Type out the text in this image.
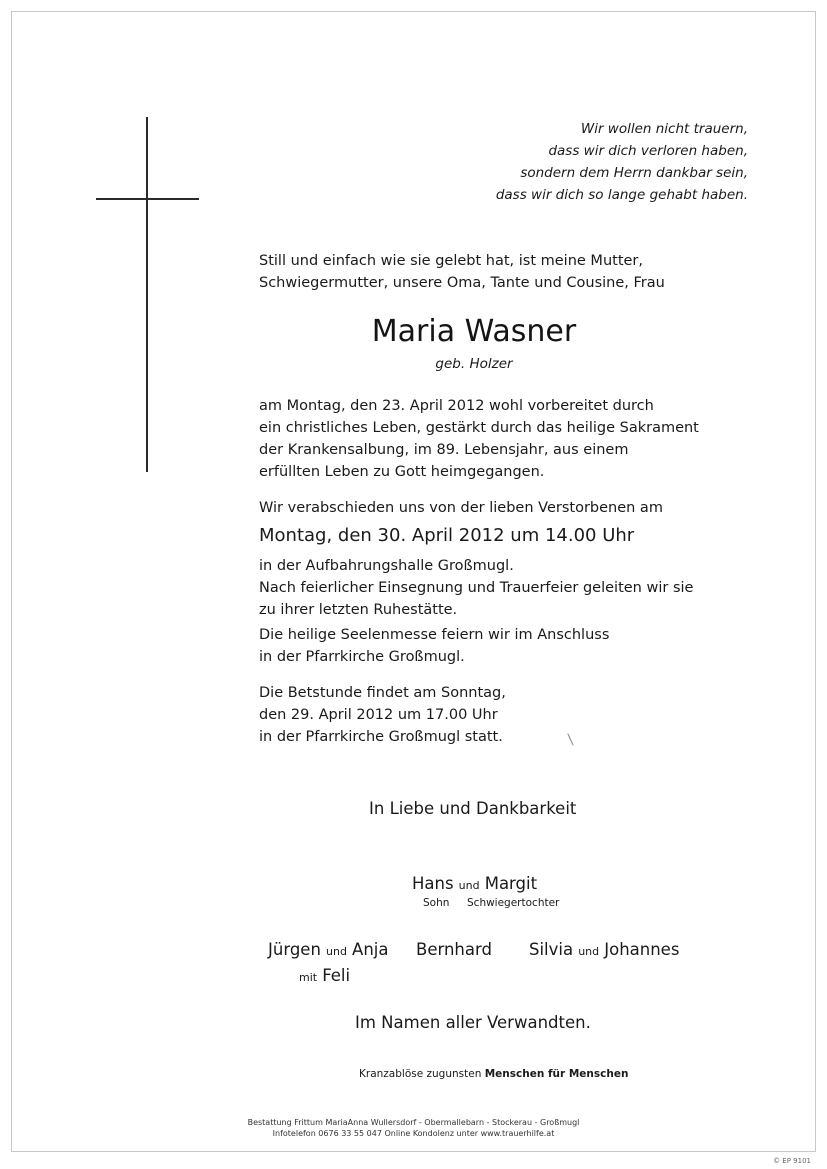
Wir wollen nicht trauern,
dass wir dich verloren haben,
sondern dem Herrn dankbar sein,
dass wir dich so lange gehabt haben.
Still und einfach wie sie gelebt hat, ist meine Mutter,
Schwiegermutter, unsere Oma, Tante und Cousine, Frau
Maria Wasner
geb. Holzer
am Montag, den 23. April 2012 wohl vorbereitet durch
ein christliches Leben, gestärkt durch das heilige Sakrament
der Krankensalbung, im 89. Lebensjahr, aus einem
erfüllten Leben zu Gott heimgegangen.
Wir verabschieden uns von der lieben Verstorbenen am
Montag, den 30. April 2012 um 14.00 Uhr
in der Aufbahrungshalle Großmugl.
Nach feierlicher Einsegnung und Trauerfeier geleiten wir sie
zu ihrer letzten Ruhestätte.
Die heilige Seelenmesse feiern wir im Anschluss
in der Pfarrkirche Großmugl.
Die Betstunde findet am Sonntag,
den 29. April 2012 um 17.00 Uhr
in der Pfarrkirche Großmugl statt.
In Liebe und Dankbarkeit
Hans und Margit
Sohn Schwiegertochter
Jürgen und Anja
mit Feli
Bernhard Silvia und Johannes
Im Namen aller Verwandten.
Kranzablöse zugunsten Menschen für Menschen
Bestattung Frittum MariaAnna Wullersdorf - Obermallebarn - Stockerau - Großmugl
Infotelefon 0676 33 55 047 Online Kondolenz unter www.trauerhilfe.at
© EP 9101
